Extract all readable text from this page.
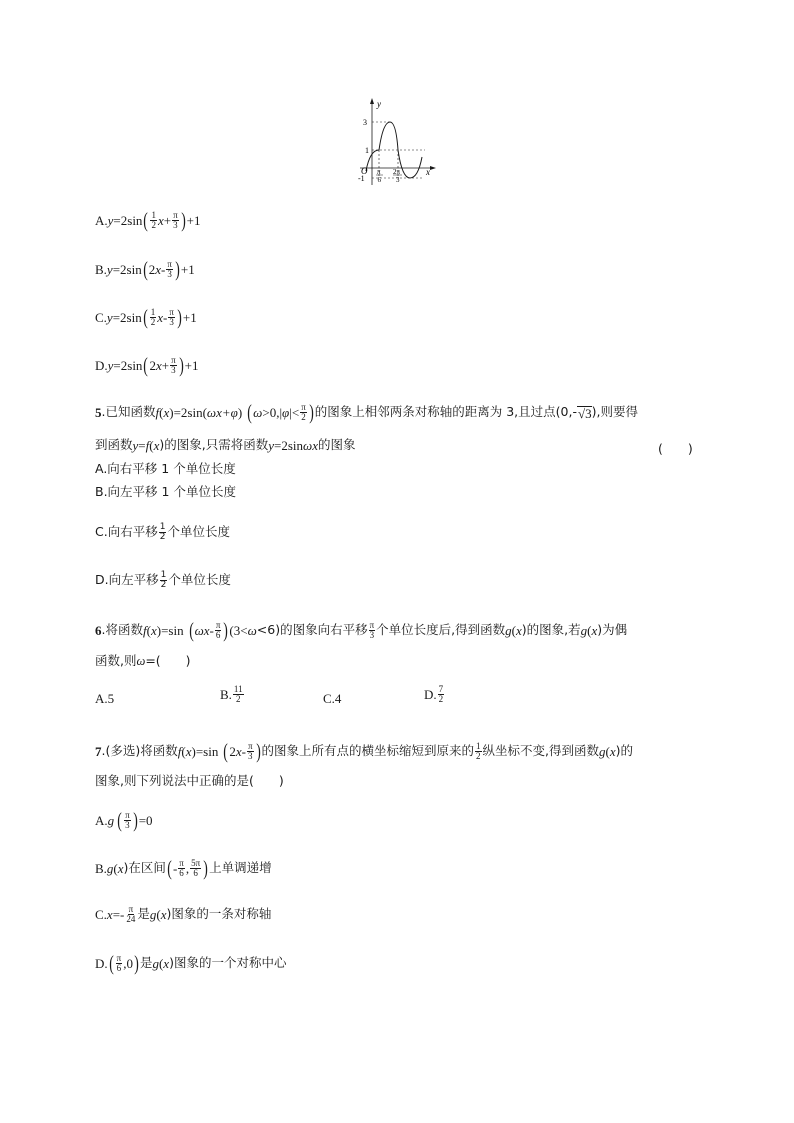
y
x
O
3
1
-1
π
6
2π
3
A. y =2sin ( $\frac{1}{2}$ $x + \frac{\pi}{3}$ ) +1
B. y =2sin ( 2 x - $\frac{\pi}{3}$ ) +1
C. y =2sin ( $\frac{1}{2}$ x - $\frac{\pi}{3}$ ) +1
D. y =2sin ( 2 $x + \frac{\pi}{3}$ ) +1
5 .已知函数 f ( x )=2sin( ωx+φ ) ( ω >0,| φ |< $\frac{\pi}{2}$ ) 的图象上相邻两条对称轴的距离为 3,且过点(0,- √3 ),则要得
到函数 y = f ( x )的图象,只需将函数 y =2sin ωx 的图象	(　　)
A.向右平移 1 个单位长度
B.向左平移 1 个单位长度
C.向右平移 $\frac{1}{2}$ 个单位长度
D.向左平移 $\frac{1}{2}$ 个单位长度
6 .将函数 f ( x )=sin ( ωx - $\frac{\pi}{6}$ ) (3< ω <6)的图象向右平移 $\frac{\pi}{3}$ 个单位长度后,得到函数 g ( x )的图象,若 g ( x )为偶
函数,则 ω =(　　)
A.5	B. $\frac{11}{2}$	C.4	D. $\frac{7}{2}$
7 .(多选)将函数 f ( x )=sin ( 2 x - $\frac{\pi}{3}$ ) 的图象上所有点的横坐标缩短到原来的 $\frac{1}{2}$ 纵坐标不变,得到函数 g ( x )的
图象,则下列说法中正确的是(　　)
A. g ( $\frac{\pi}{3}$ ) =0
B. g ( x )在区间 ( - $\frac{\pi}{6}$ , $\frac{5\pi}{6}$ ) 上单调递增
C. $x =- \frac{\pi}{24}$ 是 g ( x )图象的一条对称轴
D. ( $\frac{\pi}{6} ,0$ ) 是 g ( x )图象的一个对称中心
